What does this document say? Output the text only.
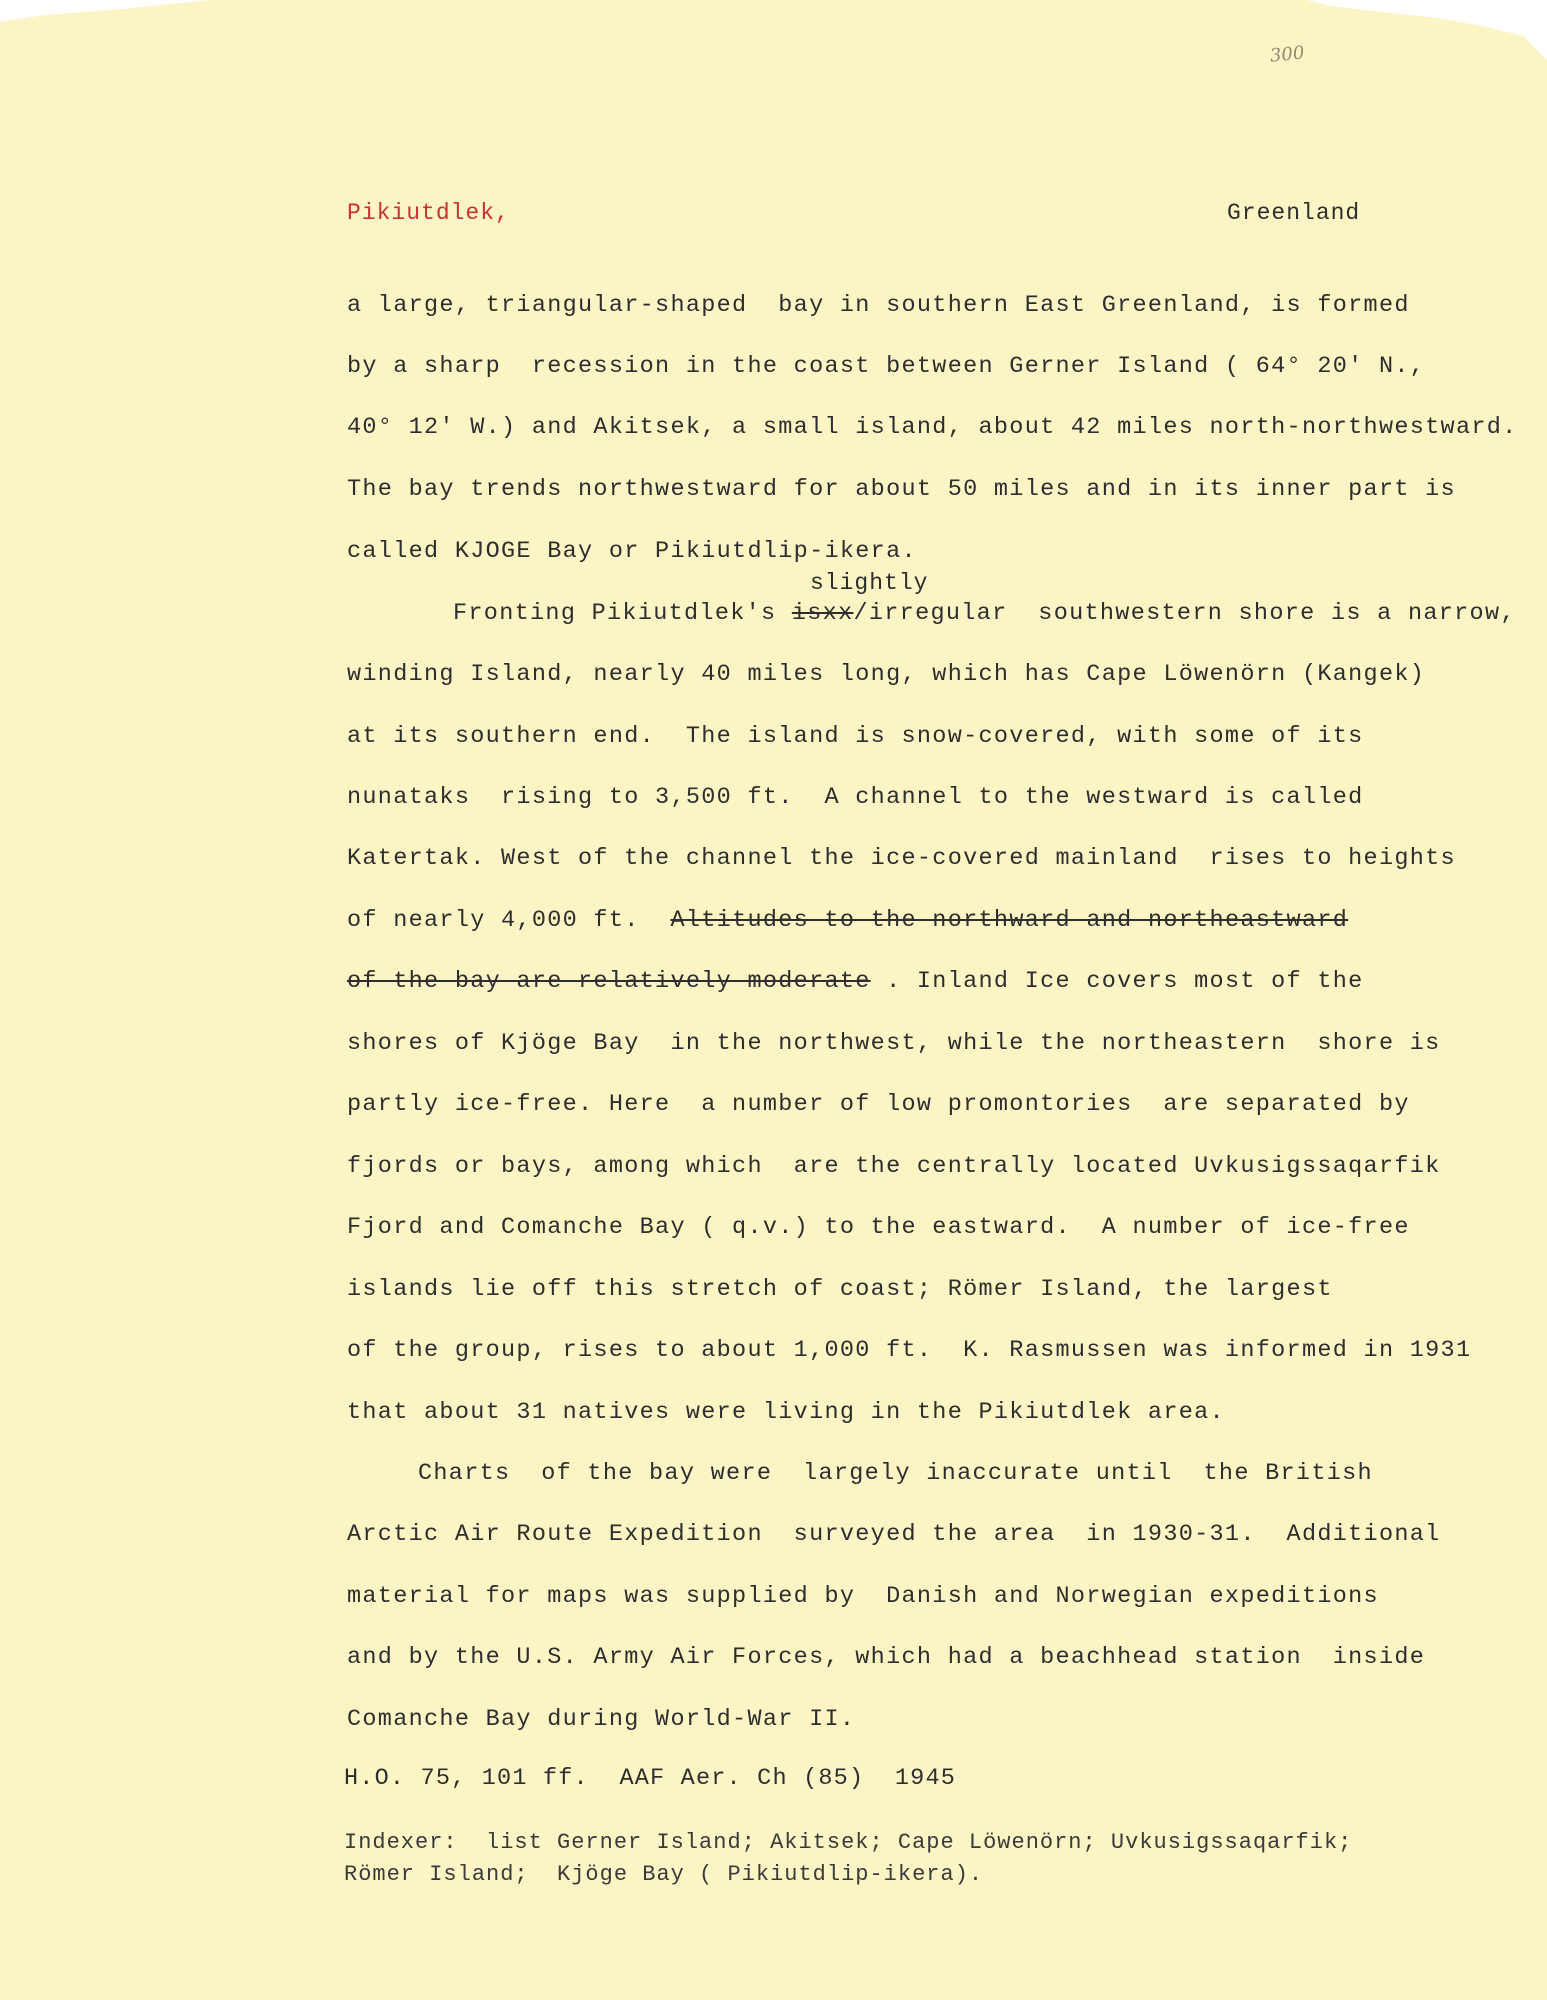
300
Pikiutdlek,	Greenland
a large, triangular-shaped  bay in southern East Greenland, is formed
by a sharp  recession in the coast between Gerner Island ( 64° 20' N.,
40° 12' W.) and Akitsek, a small island, about 42 miles north-northwestward.
The bay trends northwestward for about 50 miles and in its inner part is
called KJOGE Bay or Pikiutdlip-ikera.
slightly
Fronting Pikiutdlek's isxx/irregular  southwestern shore is a narrow,
winding Island, nearly 40 miles long, which has Cape Löwenörn (Kangek)
at its southern end.  The island is snow-covered, with some of its
nunataks  rising to 3,500 ft.  A channel to the westward is called
Katertak. West of the channel the ice-covered mainland  rises to heights
of nearly 4,000 ft. Altitudes to the northward and northeastward
of the bay are relatively moderate . Inland Ice covers most of the
shores of Kjöge Bay  in the northwest, while the northeastern  shore is
partly ice-free. Here  a number of low promontories  are separated by
fjords or bays, among which  are the centrally located Uvkusigssaqarfik
Fjord and Comanche Bay ( q.v.) to the eastward.  A number of ice-free
islands lie off this stretch of coast; Römer Island, the largest
of the group, rises to about 1,000 ft.  K. Rasmussen was informed in 1931
that about 31 natives were living in the Pikiutdlek area.
Charts  of the bay were  largely inaccurate until  the British
Arctic Air Route Expedition  surveyed the area  in 1930-31.  Additional
material for maps was supplied by  Danish and Norwegian expeditions
and by the U.S. Army Air Forces, which had a beachhead station  inside
Comanche Bay during World-War II.
H.O. 75, 101 ff.  AAF Aer. Ch (85)  1945
Indexer:  list Gerner Island; Akitsek; Cape Löwenörn; Uvkusigssaqarfik;
Römer Island;  Kjöge Bay ( Pikiutdlip-ikera).
